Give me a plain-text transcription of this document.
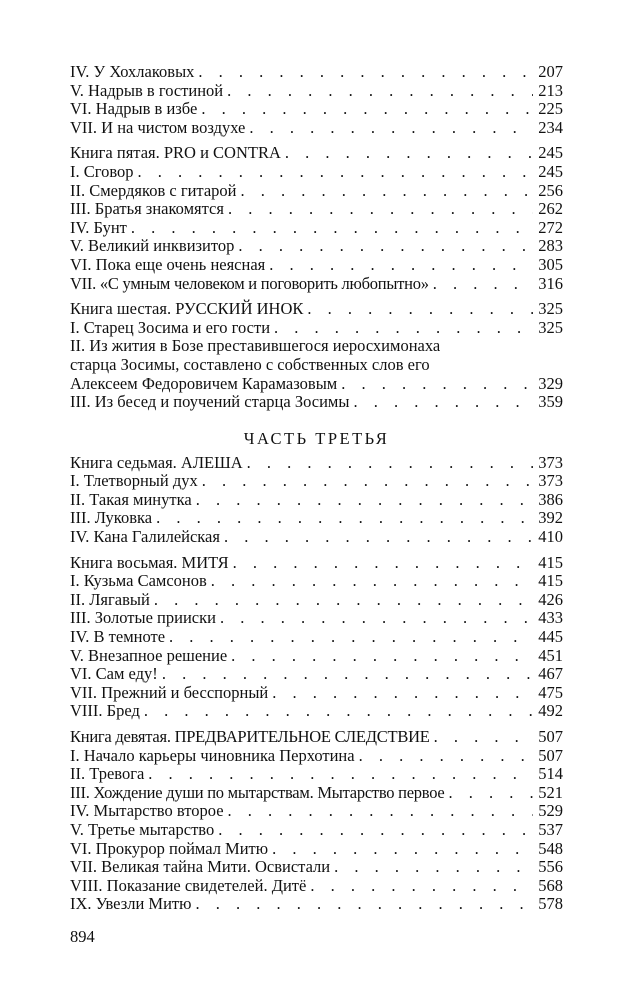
IV. У Хохлаковых . . .	207
V. Надрыв в гостиной . . .	213
VI. Надрыв в избе . . .	225
VII. И на чистом воздухе . . .	234
Книга пятая. PRO и CONTRA . . .	245
I. Сговор . . .	245
II. Смердяков с гитарой . . .	256
III. Братья знакомятся . . .	262
IV. Бунт . . .	272
V. Великий инквизитор . . .	283
VI. Пока еще очень неясная . . .	305
VII. «С умным человеком и поговорить любопытно» . . .	316
Книга шестая. РУССКИЙ ИНОК . . .	325
I. Старец Зосима и его гости . . .	325
II. Из жития в Бозе преставившегося иеросхимонаха
старца Зосимы, составлено с собственных слов его
Алексеем Федоровичем Карамазовым . . .	329
III. Из бесед и поучений старца Зосимы . . .	359
ЧАСТЬ ТРЕТЬЯ
Книга седьмая. АЛЕША . . .	373
I. Тлетворный дух . . .	373
II. Такая минутка . . .	386
III. Луковка . . .	392
IV. Кана Галилейская . . .	410
Книга восьмая. МИТЯ . . .	415
I. Кузьма Самсонов . . .	415
II. Лягавый . . .	426
III. Золотые прииски . . .	433
IV. В темноте . . .	445
V. Внезапное решение . . .	451
VI. Сам еду! . . .	467
VII. Прежний и бесспорный . . .	475
VIII. Бред . . .	492
Книга девятая. ПРЕДВАРИТЕЛЬНОЕ СЛЕДСТВИЕ . . .	507
I. Начало карьеры чиновника Перхотина . . .	507
II. Тревога . . .	514
III. Хождение души по мытарствам. Мытарство первое . . .	521
IV. Мытарство второе . . .	529
V. Третье мытарство . . .	537
VI. Прокурор поймал Митю . . .	548
VII. Великая тайна Мити. Освистали . . .	556
VIII. Показание свидетелей. Дитё . . .	568
IX. Увезли Митю . . .	578
894
